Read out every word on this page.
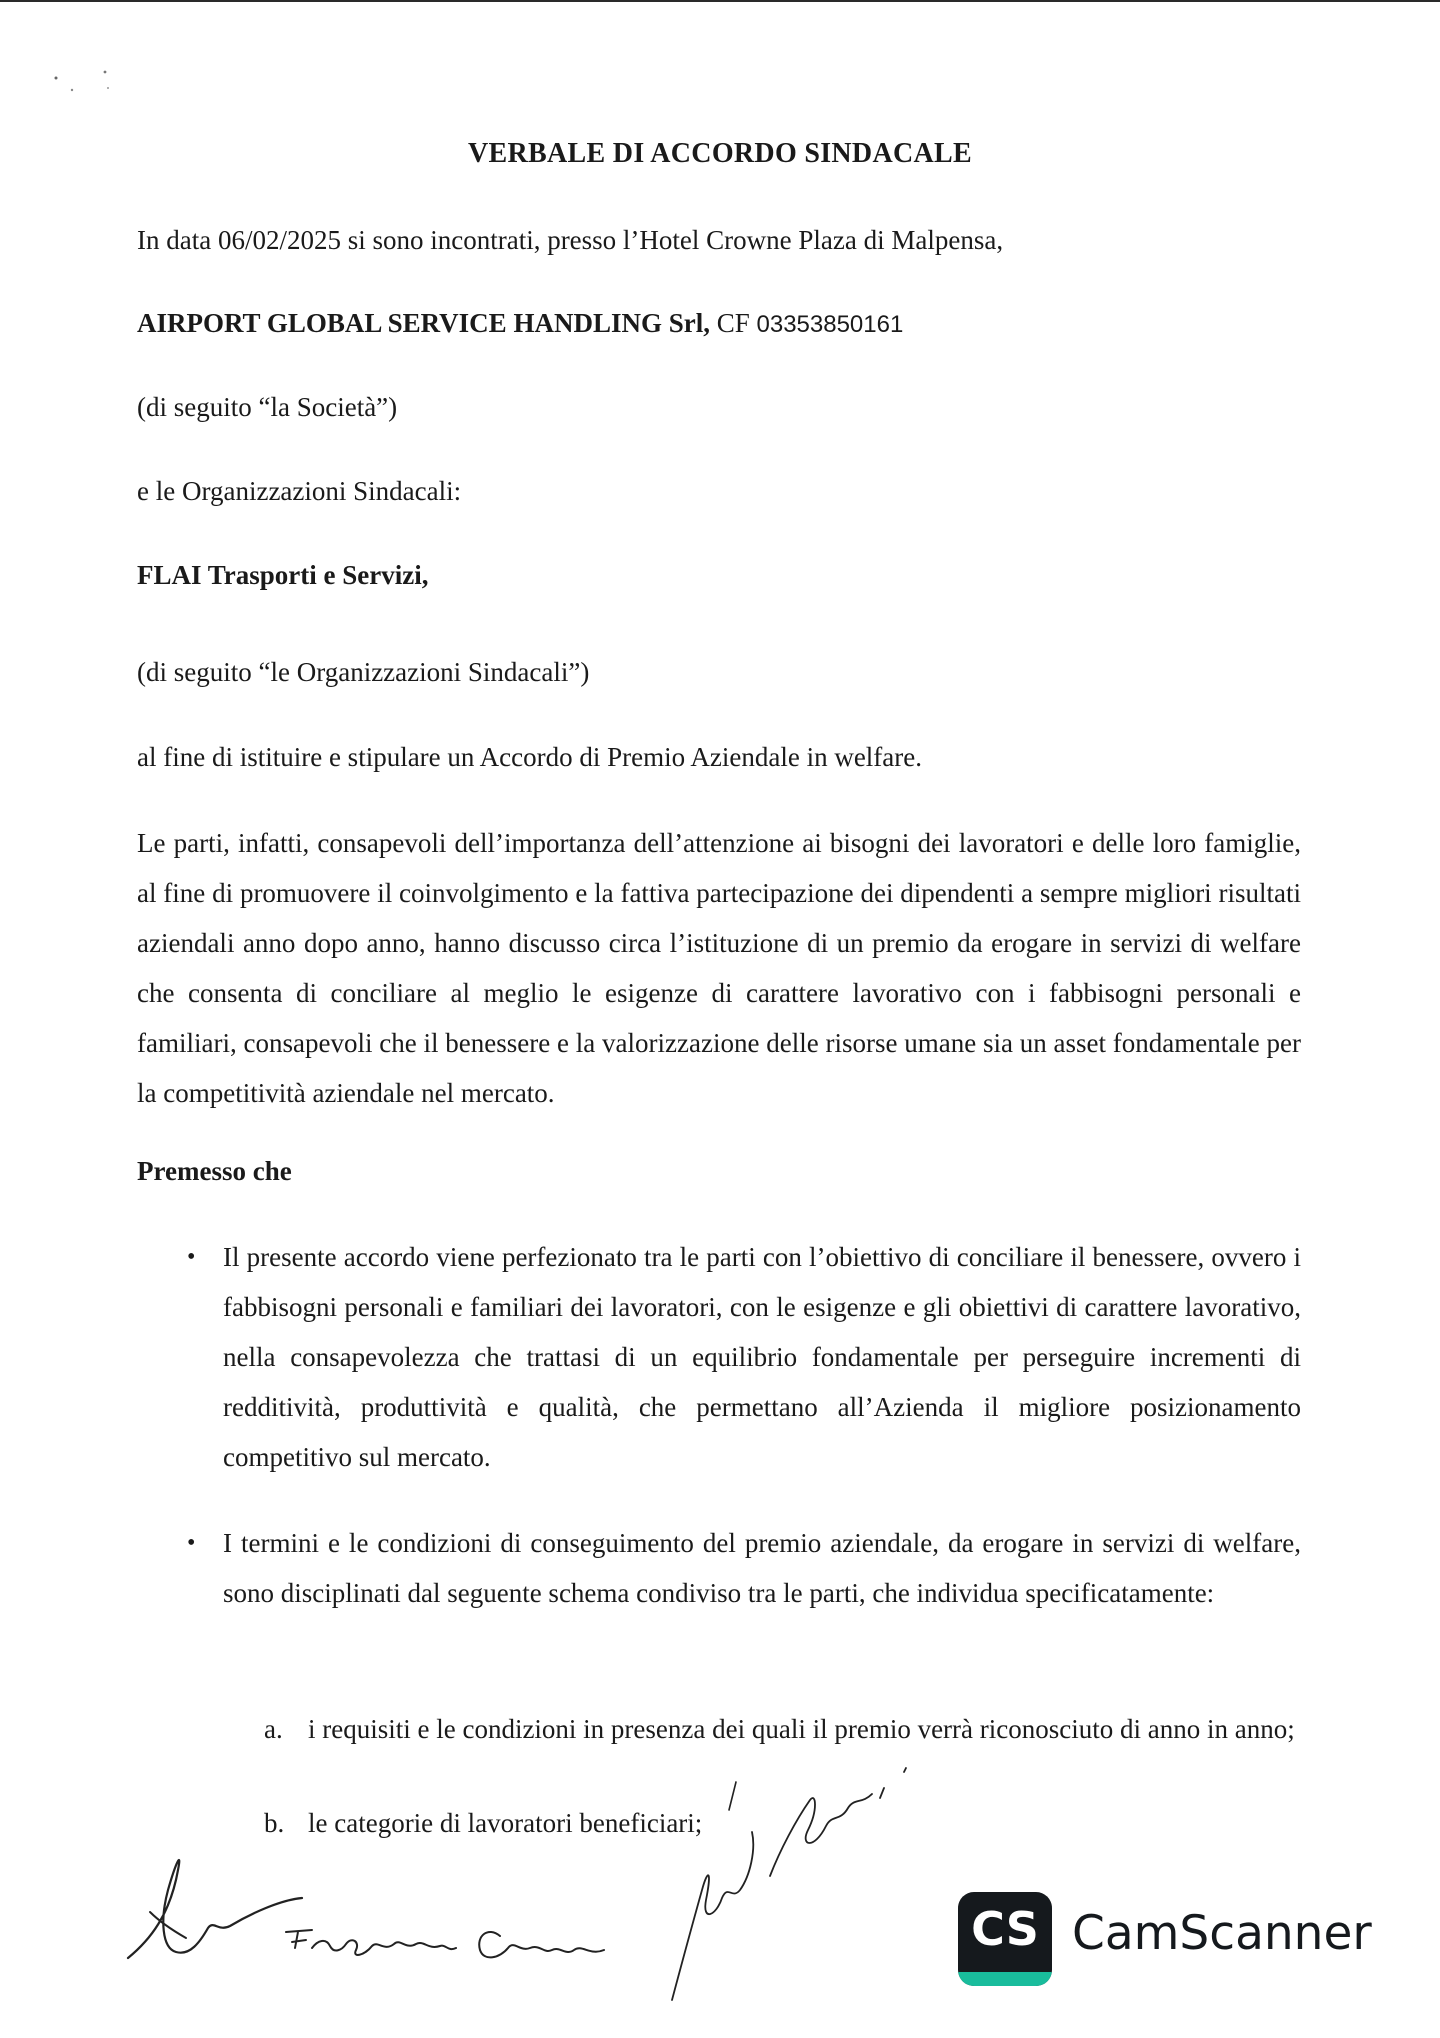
VERBALE DI ACCORDO SINDACALE
In data 06/02/2025 si sono incontrati, presso l’Hotel Crowne Plaza di Malpensa,
AIRPORT GLOBAL SERVICE HANDLING Srl, CF 03353850161
(di seguito “la Società”)
e le Organizzazioni Sindacali:
FLAI Trasporti e Servizi,
(di seguito “le Organizzazioni Sindacali”)
al fine di istituire e stipulare un Accordo di Premio Aziendale in welfare.
Le parti, infatti, consapevoli dell’importanza dell’attenzione ai bisogni dei lavoratori e delle loro famiglie, al fine di promuovere il coinvolgimento e la fattiva partecipazione dei dipendenti a sempre migliori risultati aziendali anno dopo anno, hanno discusso circa l’istituzione di un premio da erogare in servizi di welfare che consenta di conciliare al meglio le esigenze di carattere lavorativo con i fabbisogni personali e familiari, consapevoli che il benessere e la valorizzazione delle risorse umane sia un asset fondamentale per la competitività aziendale nel mercato.
Premesso che
• Il presente accordo viene perfezionato tra le parti con l’obiettivo di conciliare il benessere, ovvero i fabbisogni personali e familiari dei lavoratori, con le esigenze e gli obiettivi di carattere lavorativo, nella consapevolezza che trattasi di un equilibrio fondamentale per perseguire incrementi di redditività, produttività e qualità, che permettano all’Azienda il migliore posizionamento competitivo sul mercato.
• I termini e le condizioni di conseguimento del premio aziendale, da erogare in servizi di welfare, sono disciplinati dal seguente schema condiviso tra le parti, che individua specificatamente:
a. i requisiti e le condizioni in presenza dei quali il premio verrà riconosciuto di anno in anno;
b. le categorie di lavoratori beneficiari;
CS CamScanner
